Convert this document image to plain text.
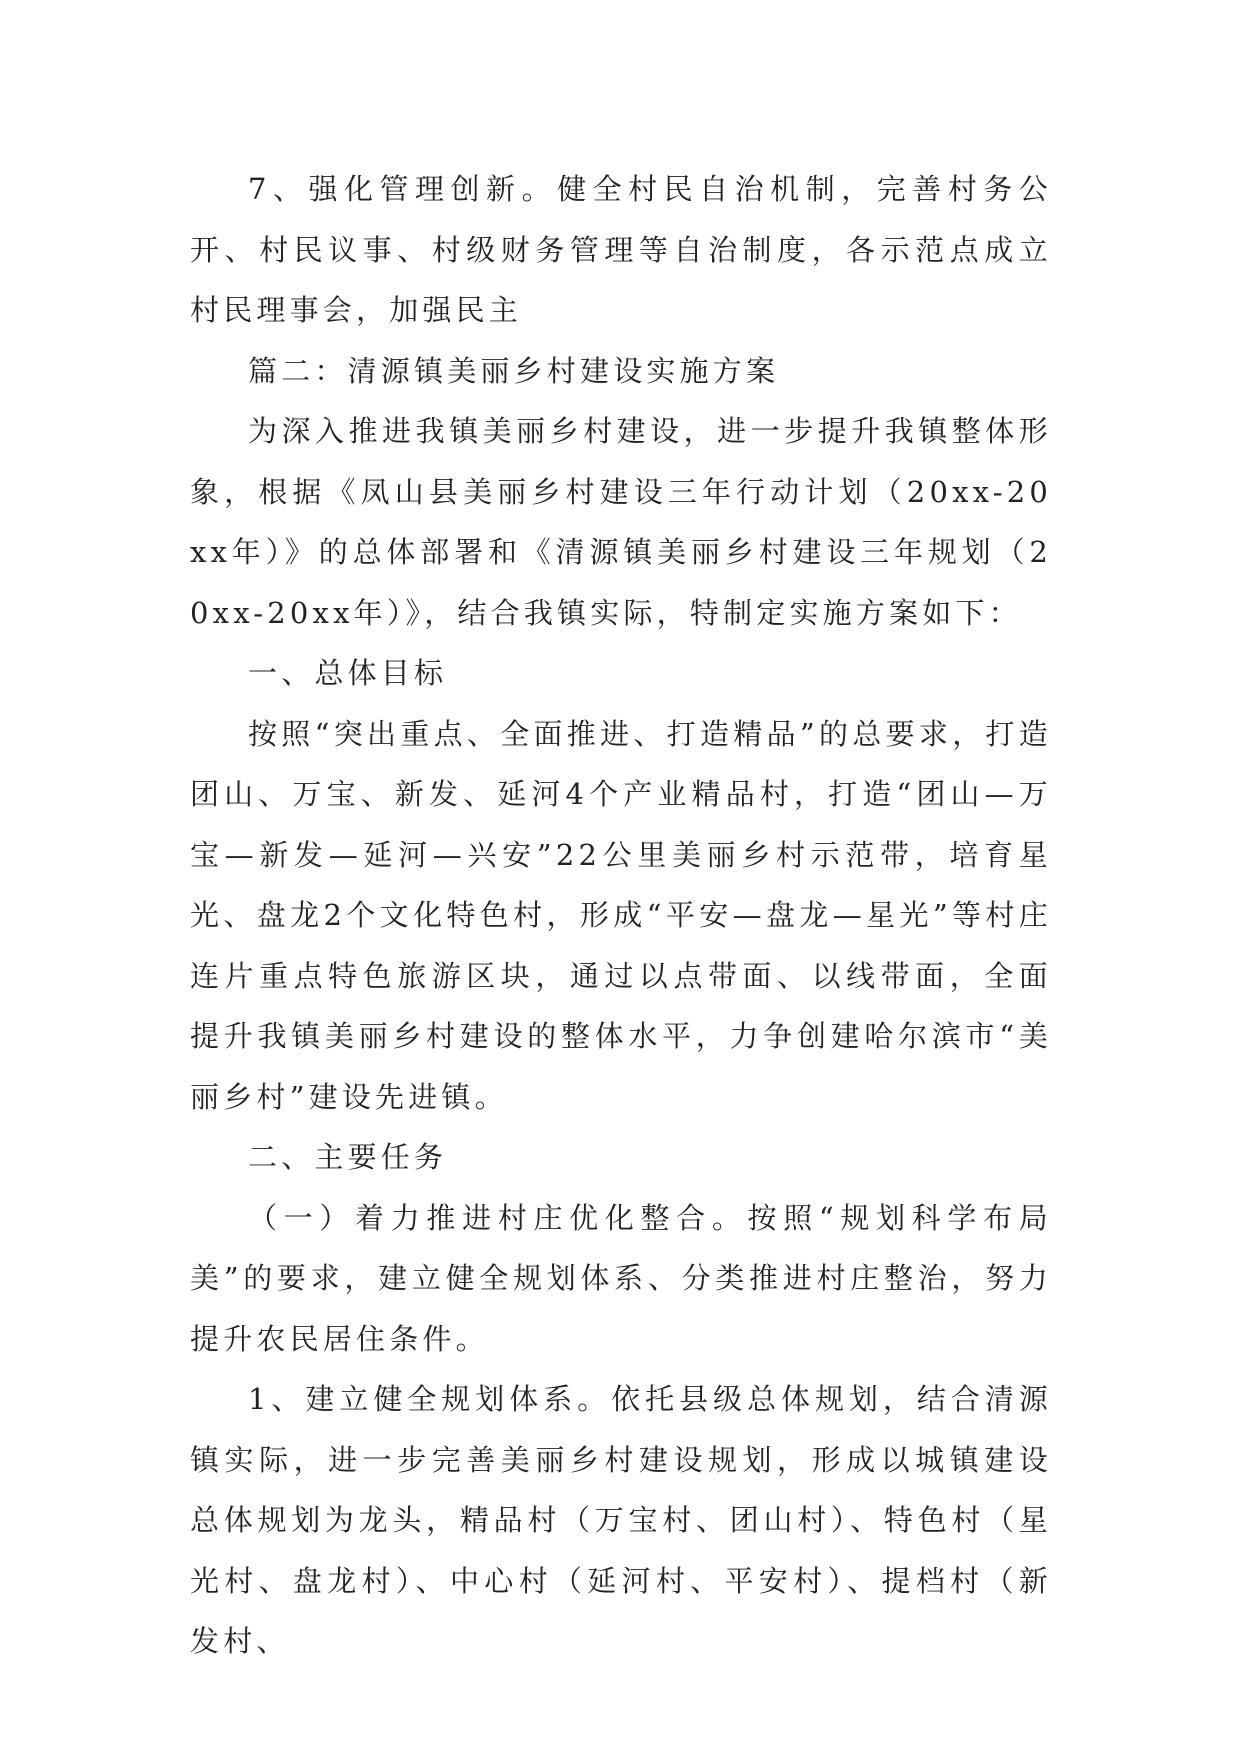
7、强化管理创新。健全村民自治机制，完善村务公开、村民议事、村级财务管理等自治制度，各示范点成立村民理事会，加强民主

篇二：清源镇美丽乡村建设实施方案

为深入推进我镇美丽乡村建设，进一步提升我镇整体形象，根据《凤山县美丽乡村建设三年行动计划（20xx-20xx年）》的总体部署和《清源镇美丽乡村建设三年规划（20xx-20xx年）》，结合我镇实际，特制定实施方案如下：

一、总体目标

按照“突出重点、全面推进、打造精品”的总要求，打造团山、万宝、新发、延河4个产业精品村，打造“团山—万宝—新发—延河—兴安”22公里美丽乡村示范带，培育星光、盘龙2个文化特色村，形成“平安—盘龙—星光”等村庄连片重点特色旅游区块，通过以点带面、以线带面，全面提升我镇美丽乡村建设的整体水平，力争创建哈尔滨市“美丽乡村”建设先进镇。

二、主要任务

（一）着力推进村庄优化整合。按照“规划科学布局美”的要求，建立健全规划体系、分类推进村庄整治，努力提升农民居住条件。

1、建立健全规划体系。依托县级总体规划，结合清源镇实际，进一步完善美丽乡村建设规划，形成以城镇建设总体规划为龙头，精品村（万宝村、团山村）、特色村（星光村、盘龙村）、中心村（延河村、平安村）、提档村（新发村、
